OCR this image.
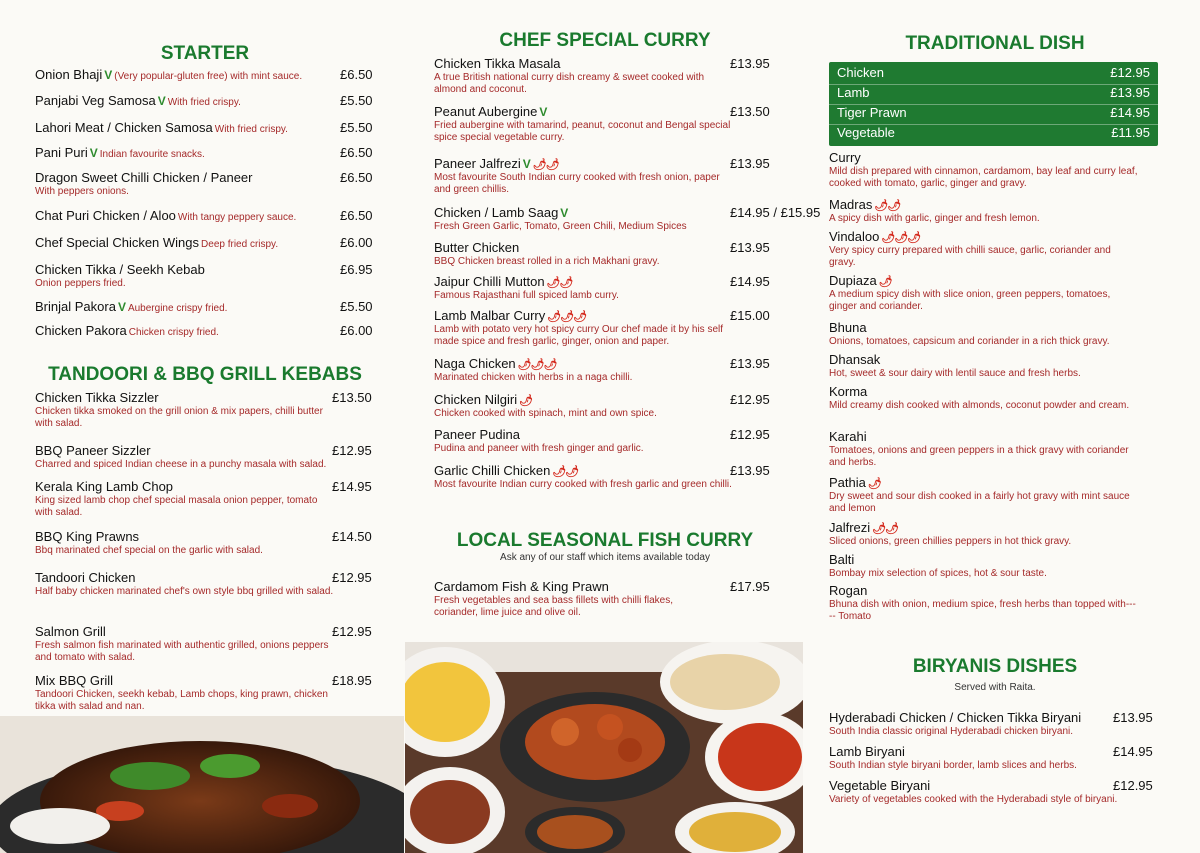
STARTER
TANDOORI & BBQ GRILL KEBABS
CHEF SPECIAL CURRY
LOCAL SEASONAL FISH CURRY
Ask any of our staff which items available today
TRADITIONAL DISH
BIRYANIS DISHES
Served with Raita.
Chicken	£12.95
Lamb	£13.95
Tiger Prawn	£14.95
Vegetable	£11.95
Onion Bhaji V (Very popular-gluten free) with mint sauce.	£6.50
Panjabi Veg Samosa V With fried crispy.	£5.50
Lahori Meat / Chicken Samosa With fried crispy.	£5.50
Pani Puri V Indian favourite snacks.	£6.50
Dragon Sweet Chilli Chicken / Paneer
With peppers onions.
£6.50
Chat Puri Chicken / Aloo With tangy peppery sauce.	£6.50
Chef Special Chicken Wings Deep fried crispy.	£6.00
Chicken Tikka / Seekh Kebab
Onion peppers fried.
£6.95
Brinjal Pakora V Aubergine crispy fried.	£5.50
Chicken Pakora Chicken crispy fried.	£6.00
Chicken Tikka Sizzler
Chicken tikka smoked on the grill onion & mix papers, chilli butter with salad.
£13.50
BBQ Paneer Sizzler
Charred and spiced Indian cheese in a punchy masala with salad.
£12.95
Kerala King Lamb Chop
King sized lamb chop chef special masala onion pepper, tomato with salad.
£14.95
BBQ King Prawns
Bbq marinated chef special on the garlic with salad.
£14.50
Tandoori Chicken
Half baby chicken marinated chef's own style bbq grilled with salad.
£12.95
Salmon Grill
Fresh salmon fish marinated with authentic grilled, onions peppers and tomato with salad.
£12.95
Mix BBQ Grill
Tandoori Chicken, seekh kebab, Lamb chops, king prawn, chicken tikka with salad and nan.
£18.95
Chicken Tikka Masala
A true British national curry dish creamy & sweet cooked with almond and coconut.
£13.95
Peanut Aubergine V
Fried aubergine with tamarind, peanut, coconut and Bengal special spice special vegetable curry.
£13.50
Paneer Jalfrezi V 🌶🌶
Most favourite South Indian curry cooked with fresh onion, paper and green chillis.
£13.95
Chicken / Lamb Saag V
Fresh Green Garlic, Tomato, Green Chili, Medium Spices
£14.95 / £15.95
Butter Chicken
BBQ Chicken breast rolled in a rich Makhani gravy.
£13.95
Jaipur Chilli Mutton 🌶🌶
Famous Rajasthani full spiced lamb curry.
£14.95
Lamb Malbar Curry 🌶🌶🌶
Lamb with potato very hot spicy curry Our chef made it by his self made spice and fresh garlic, ginger, onion and paper.
£15.00
Naga Chicken 🌶🌶🌶
Marinated chicken with herbs in a naga chilli.
£13.95
Chicken Nilgiri 🌶
Chicken cooked with spinach, mint and own spice.
£12.95
Paneer Pudina
Pudina and paneer with fresh ginger and garlic.
£12.95
Garlic Chilli Chicken 🌶🌶
Most favourite Indian curry cooked with fresh garlic and green chilli.
£13.95
Cardamom Fish & King Prawn
Fresh vegetables and sea bass fillets with chilli flakes, coriander, lime juice and olive oil.
£17.95
Curry
Mild dish prepared with cinnamon, cardamom, bay leaf and curry leaf, cooked with tomato, garlic, ginger and gravy.
Madras 🌶🌶
A spicy dish with garlic, ginger and fresh lemon.
Vindaloo 🌶🌶🌶
Very spicy curry prepared with chilli sauce, garlic, coriander and gravy.
Dupiaza 🌶
A medium spicy dish with slice onion, green peppers, tomatoes, ginger and coriander.
Bhuna
Onions, tomatoes, capsicum and coriander in a rich thick gravy.
Dhansak
Hot, sweet & sour dairy with lentil sauce and fresh herbs.
Korma
Mild creamy dish cooked with almonds, coconut powder and cream.
Karahi
Tomatoes, onions and green peppers in a thick gravy with coriander and herbs.
Pathia 🌶
Dry sweet and sour dish cooked in a fairly hot gravy with mint sauce and lemon
Jalfrezi 🌶🌶
Sliced onions, green chillies peppers in hot thick gravy.
Balti
Bombay mix selection of spices, hot & sour taste.
Rogan
Bhuna dish with onion, medium spice, fresh herbs than topped with----- Tomato
Hyderabadi Chicken / Chicken Tikka Biryani
South India classic original Hyderabadi chicken biryani.
£13.95
Lamb Biryani
South Indian style biryani border, lamb slices and herbs.
£14.95
Vegetable Biryani
Variety of vegetables cooked with the Hyderabadi style of biryani.
£12.95
